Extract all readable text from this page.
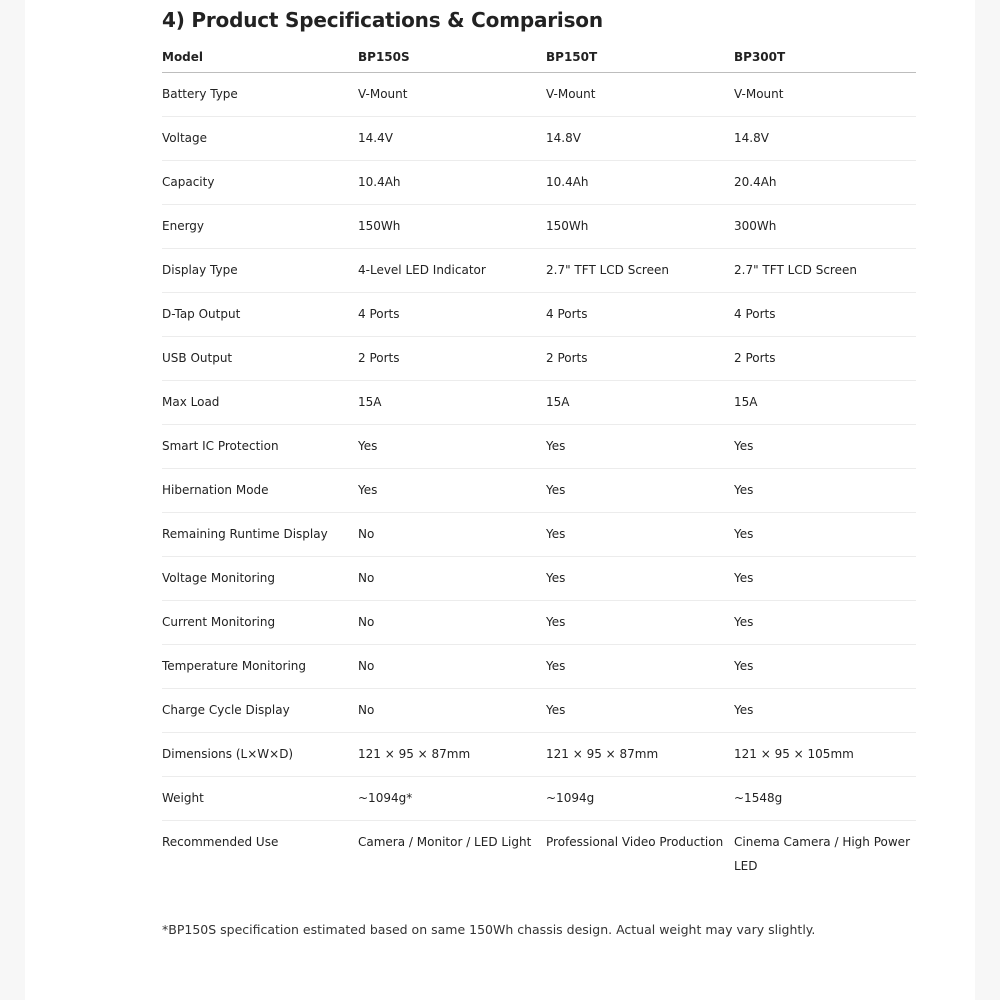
4) Product Specifications & Comparison
Model	BP150S	BP150T	BP300T
Battery Type	V-Mount	V-Mount	V-Mount
Voltage	14.4V	14.8V	14.8V
Capacity	10.4Ah	10.4Ah	20.4Ah
Energy	150Wh	150Wh	300Wh
Display Type	4-Level LED Indicator	2.7" TFT LCD Screen	2.7" TFT LCD Screen
D-Tap Output	4 Ports	4 Ports	4 Ports
USB Output	2 Ports	2 Ports	2 Ports
Max Load	15A	15A	15A
Smart IC Protection	Yes	Yes	Yes
Hibernation Mode	Yes	Yes	Yes
Remaining Runtime Display	No	Yes	Yes
Voltage Monitoring	No	Yes	Yes
Current Monitoring	No	Yes	Yes
Temperature Monitoring	No	Yes	Yes
Charge Cycle Display	No	Yes	Yes
Dimensions (L×W×D)	121 × 95 × 87mm	121 × 95 × 87mm	121 × 95 × 105mm
Weight	~1094g*	~1094g	~1548g
Recommended Use	Camera / Monitor / LED Light	Professional Video Production	Cinema Camera / High Power LED

*BP150S specification estimated based on same 150Wh chassis design. Actual weight may vary slightly.
